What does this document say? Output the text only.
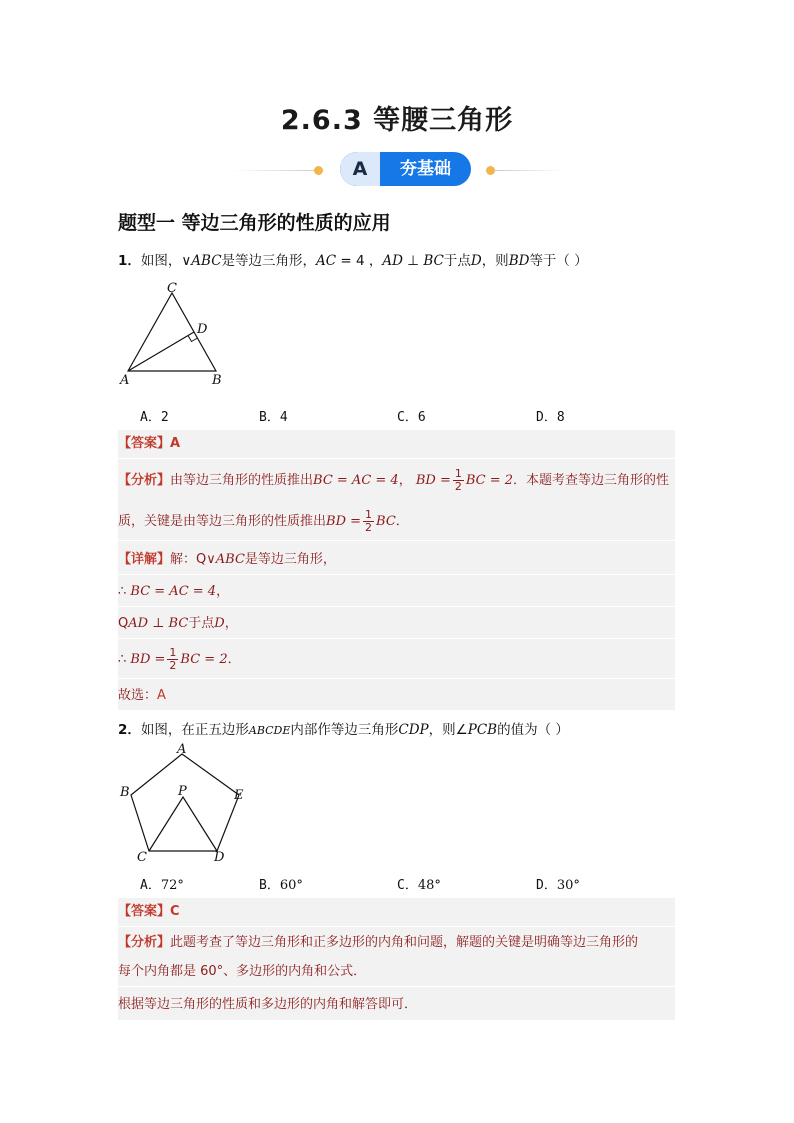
2.6.3 等腰三角形
A	夯基础
题型一 等边三角形的性质的应用
1．如图，∨ABC是等边三角形，AC = 4 ，AD ⊥ BC于点D，则BD等于（ ）
C
D
A	B
A．2	B．4	C．6	D．8
【答案】A
【分析】由等边三角形的性质推出BC = AC = 4， BD = $\frac{1}{2}$ BC = 2．本题考查等边三角形的性
质，关键是由等边三角形的性质推出BD = $\frac{1}{2}$ BC．
【详解】解：Q∨ABC是等边三角形，
∴ BC = AC = 4，
QAD ⊥ BC于点D，
∴ BD = $\frac{1}{2}$ BC = 2．
故选：A
2．如图，在正五边形ABCDE内部作等边三角形CDP，则∠PCB的值为（ ）
A
B	E
P
C	D
A．72°	B．60°	C．48°	D．30°
【答案】C
【分析】此题考查了等边三角形和正多边形的内角和问题，解题的关键是明确等边三角形的
每个内角都是 60°、多边形的内角和公式．
根据等边三角形的性质和多边形的内角和解答即可．
